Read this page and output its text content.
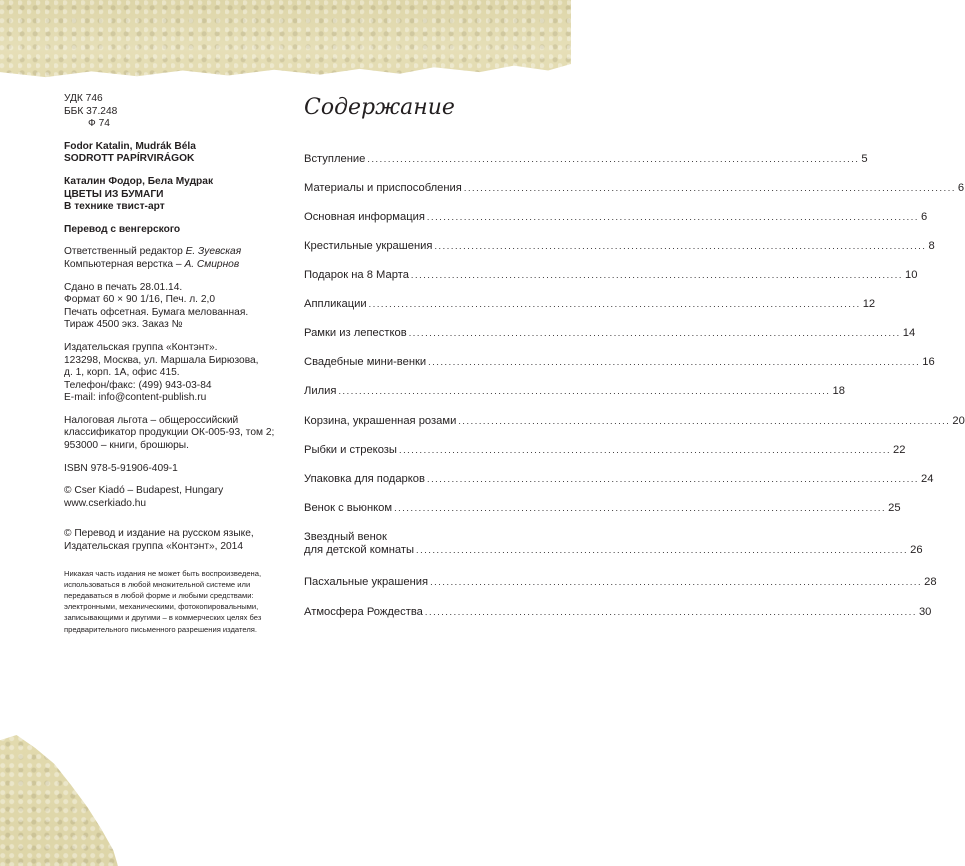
УДК 746
ББК 37.248
Ф 74
Fodor Katalin, Mudrák Béla
SODROTT PAPÍRVIRÁGOK
Каталин Фодор, Бела Мудрак
ЦВЕТЫ ИЗ БУМАГИ
В технике твист-арт
Перевод с венгерского
Ответственный редактор Е. Зуевская
Компьютерная верстка – А. Смирнов
Сдано в печать 28.01.14.
Формат 60 × 90 1/16, Печ. л. 2,0
Печать офсетная. Бумага мелованная.
Тираж 4500 экз. Заказ №
Издательская группа «Контэнт».
123298, Москва, ул. Маршала Бирюзова,
д. 1, корп. 1А, офис 415.
Телефон/факс: (499) 943-03-84
E-mail: info@content-publish.ru
Налоговая льгота – общероссийский
классификатор продукции ОК-005-93, том 2;
953000 – книги, брошюры.
ISBN 978-5-91906-409-1
© Cser Kiadó – Budapest, Hungary
www.cserkiado.hu
© Перевод и издание на русском языке,
Издательская группа «Контэнт», 2014
Никакая часть издания не может быть воспроизведена,
использоваться в любой множительной системе или
передаваться в любой форме и любыми средствами:
электронными, механическими, фотокопировальными,
записывающими и другими – в коммерческих целях без
предварительного письменного разрешения издателя.
Содержание
Вступление ........................................................................................................................ 5
Материалы и приспособления ........................................................................................................................ 6
Основная информация ........................................................................................................................ 6
Крестильные украшения ........................................................................................................................ 8
Подарок на 8 Марта ........................................................................................................................ 10
Аппликации ........................................................................................................................ 12
Рамки из лепестков ........................................................................................................................ 14
Свадебные мини-венки ........................................................................................................................ 16
Лилия ........................................................................................................................ 18
Корзина, украшенная розами ........................................................................................................................ 20
Рыбки и стрекозы ........................................................................................................................ 22
Упаковка для подарков ........................................................................................................................ 24
Венок с вьюнком ........................................................................................................................ 25
Звездный венок
для детской комнаты ........................................................................................................................ 26
Пасхальные украшения ........................................................................................................................ 28
Атмосфера Рождества ........................................................................................................................ 30
